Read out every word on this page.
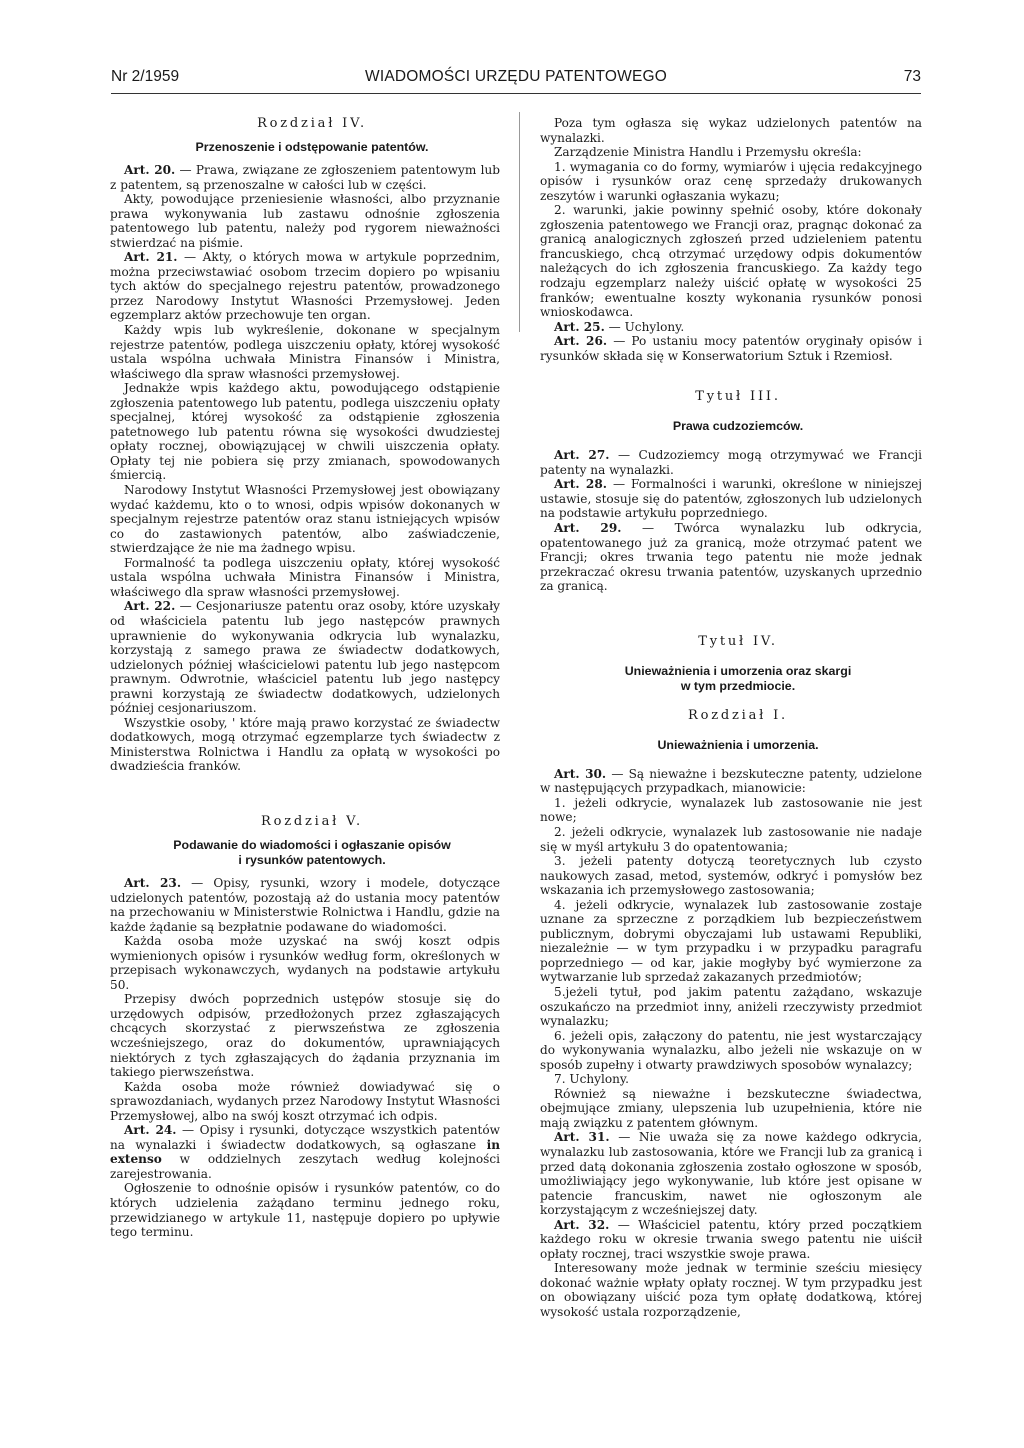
Nr 2/1959	WIADOMOŚCI URZĘDU PATENTOWEGO	73

Rozdział IV.

Przenoszenie i odstępowanie patentów.

Art. 20. — Prawa, związane ze zgłoszeniem patentowym lub z patentem, są przenoszalne w całości lub w części.

Akty, powodujące przeniesienie własności, albo przyznanie prawa wykonywania lub zastawu odnośnie zgłoszenia patentowego lub patentu, należy pod rygorem nieważności stwierdzać na piśmie.

Art. 21. — Akty, o których mowa w artykule poprzednim, można przeciwstawiać osobom trzecim dopiero po wpisaniu tych aktów do specjalnego rejestru patentów, prowadzonego przez Narodowy Instytut Własności Przemysłowej. Jeden egzemplarz aktów przechowuje ten organ.

Każdy wpis lub wykreślenie, dokonane w specjalnym rejestrze patentów, podlega uiszczeniu opłaty, której wysokość ustala wspólna uchwała Ministra Finansów i Ministra, właściwego dla spraw własności przemysłowej.

Jednakże wpis każdego aktu, powodującego odstąpienie zgłoszenia patentowego lub patentu, podlega uiszczeniu opłaty specjalnej, której wysokość za odstąpienie zgłoszenia patetnowego lub patentu równa się wysokości dwudziestej opłaty rocznej, obowiązującej w chwili uiszczenia opłaty. Opłaty tej nie pobiera się przy zmianach, spowodowanych śmiercią.

Narodowy Instytut Własności Przemysłowej jest obowiązany wydać każdemu, kto o to wnosi, odpis wpisów dokonanych w specjalnym rejestrze patentów oraz stanu istniejących wpisów co do zastawionych patentów, albo zaświadczenie, stwierdzające że nie ma żadnego wpisu.

Formalność ta podlega uiszczeniu opłaty, której wysokość ustala wspólna uchwała Ministra Finansów i Ministra, właściwego dla spraw własności przemysłowej.

Art. 22. — Cesjonariusze patentu oraz osoby, które uzyskały od właściciela patentu lub jego następców prawnych uprawnienie do wykonywania odkrycia lub wynalazku, korzystają z samego prawa ze świadectw dodatkowych, udzielonych później właścicielowi patentu lub jego następcom prawnym. Odwrotnie, właściciel patentu lub jego następcy prawni korzystają ze świadectw dodatkowych, udzielonych później cesjonariuszom.

Wszystkie osoby, ' które mają prawo korzystać ze świadectw dodatkowych, mogą otrzymać egzemplarze tych świadectw z Ministerstwa Rolnictwa i Handlu za opłatą w wysokości po dwadzieścia franków.

Rozdział V.

Podawanie do wiadomości i ogłaszanie opisów

i rysunków patentowych.

Art. 23. — Opisy, rysunki, wzory i modele, dotyczące udzielonych patentów, pozostają aż do ustania mocy patentów na przechowaniu w Ministerstwie Rolnictwa i Handlu, gdzie na każde żądanie są bezpłatnie podawane do wiadomości.

Każda osoba może uzyskać na swój koszt odpis wymienionych opisów i rysunków według form, określonych w przepisach wykonawczych, wydanych na podstawie artykułu 50.

Przepisy dwóch poprzednich ustępów stosuje się do urzędowych odpisów, przedłożonych przez zgłaszających chcących skorzystać z pierwszeństwa ze zgłoszenia wcześniejszego, oraz do dokumentów, uprawniających niektórych z tych zgłaszających do żądania przyznania im takiego pierwszeństwa.

Każda osoba może również dowiadywać się o sprawozdaniach, wydanych przez Narodowy Instytut Własności Przemysłowej, albo na swój koszt otrzymać ich odpis.

Art. 24. — Opisy i rysunki, dotyczące wszystkich patentów na wynalazki i świadectw dodatkowych, są ogłaszane in extenso w oddzielnych zeszytach według kolejności zarejestrowania.

Ogłoszenie to odnośnie opisów i rysunków patentów, co do których udzielenia zażądano terminu jednego roku, przewidzianego w artykule 11, następuje dopiero po upływie tego terminu.

Poza tym ogłasza się wykaz udzielonych patentów na wynalazki.

Zarządzenie Ministra Handlu i Przemysłu określa:

1. wymagania co do formy, wymiarów i ujęcia redakcyjnego opisów i rysunków oraz cenę sprzedaży drukowanych zeszytów i warunki ogłaszania wykazu;

2. warunki, jakie powinny spełnić osoby, które dokonały zgłoszenia patentowego we Francji oraz, pragnąc dokonać za granicą analogicznych zgłoszeń przed udzieleniem patentu francuskiego, chcą otrzymać urzędowy odpis dokumentów należących do ich zgłoszenia francuskiego. Za każdy tego rodzaju egzemplarz należy uiścić opłatę w wysokości 25 franków; ewentualne koszty wykonania rysunków ponosi wnioskodawca.

Art. 25. — Uchylony.

Art. 26. — Po ustaniu mocy patentów oryginały opisów i rysunków składa się w Konserwatorium Sztuk i Rzemiosł.

Tytuł III.

Prawa cudzoziemców.

Art. 27. — Cudzoziemcy mogą otrzymywać we Francji patenty na wynalazki.

Art. 28. — Formalności i warunki, określone w niniejszej ustawie, stosuje się do patentów, zgłoszonych lub udzielonych na podstawie artykułu poprzedniego.

Art. 29. — Twórca wynalazku lub odkrycia, opatentowanego już za granicą, może otrzymać patent we Francji; okres trwania tego patentu nie może jednak przekraczać okresu trwania patentów, uzyskanych uprzednio za granicą.

Tytuł IV.

Unieważnienia i umorzenia oraz skargi

w tym przedmiocie.

Rozdział I.

Unieważnienia i umorzenia.

Art. 30. — Są nieważne i bezskuteczne patenty, udzielone w następujących przypadkach, mianowicie:

1. jeżeli odkrycie, wynalazek lub zastosowanie nie jest nowe;

2. jeżeli odkrycie, wynalazek lub zastosowanie nie nadaje się w myśl artykułu 3 do opatentowania;

3. jeżeli patenty dotyczą teoretycznych lub czysto naukowych zasad, metod, systemów, odkryć i pomysłów bez wskazania ich przemysłowego zastosowania;

4. jeżeli odkrycie, wynalazek lub zastosowanie zostaje uznane za sprzeczne z porządkiem lub bezpieczeństwem publicznym, dobrymi obyczajami lub ustawami Republiki, niezależnie — w tym przypadku i w przypadku paragrafu poprzedniego — od kar, jakie mogłyby być wymierzone za wytwarzanie lub sprzedaż zakazanych przedmiotów;

5.jeżeli tytuł, pod jakim patentu zażądano, wskazuje oszukańczo na przedmiot inny, aniżeli rzeczywisty przedmiot wynalazku;

6. jeżeli opis, załączony do patentu, nie jest wystarczający do wykonywania wynalazku, albo jeżeli nie wskazuje on w sposób zupełny i otwarty prawdziwych sposobów wynalazcy;

7. Uchylony.

Również są nieważne i bezskuteczne świadectwa, obejmujące zmiany, ulepszenia lub uzupełnienia, które nie mają związku z patentem głównym.

Art. 31. — Nie uważa się za nowe każdego odkrycia, wynalazku lub zastosowania, które we Francji lub za granicą i przed datą dokonania zgłoszenia zostało ogłoszone w sposób, umożliwiający jego wykonywanie, lub które jest opisane w patencie francuskim, nawet nie ogłoszonym ale korzystającym z wcześniejszej daty.

Art. 32. — Właściciel patentu, który przed początkiem każdego roku w okresie trwania swego patentu nie uiścił opłaty rocznej, traci wszystkie swoje prawa.

Interesowany może jednak w terminie sześciu miesięcy dokonać ważnie wpłaty opłaty rocznej. W tym przypadku jest on obowiązany uiścić poza tym opłatę dodatkową, której wysokość ustala rozporządzenie,
